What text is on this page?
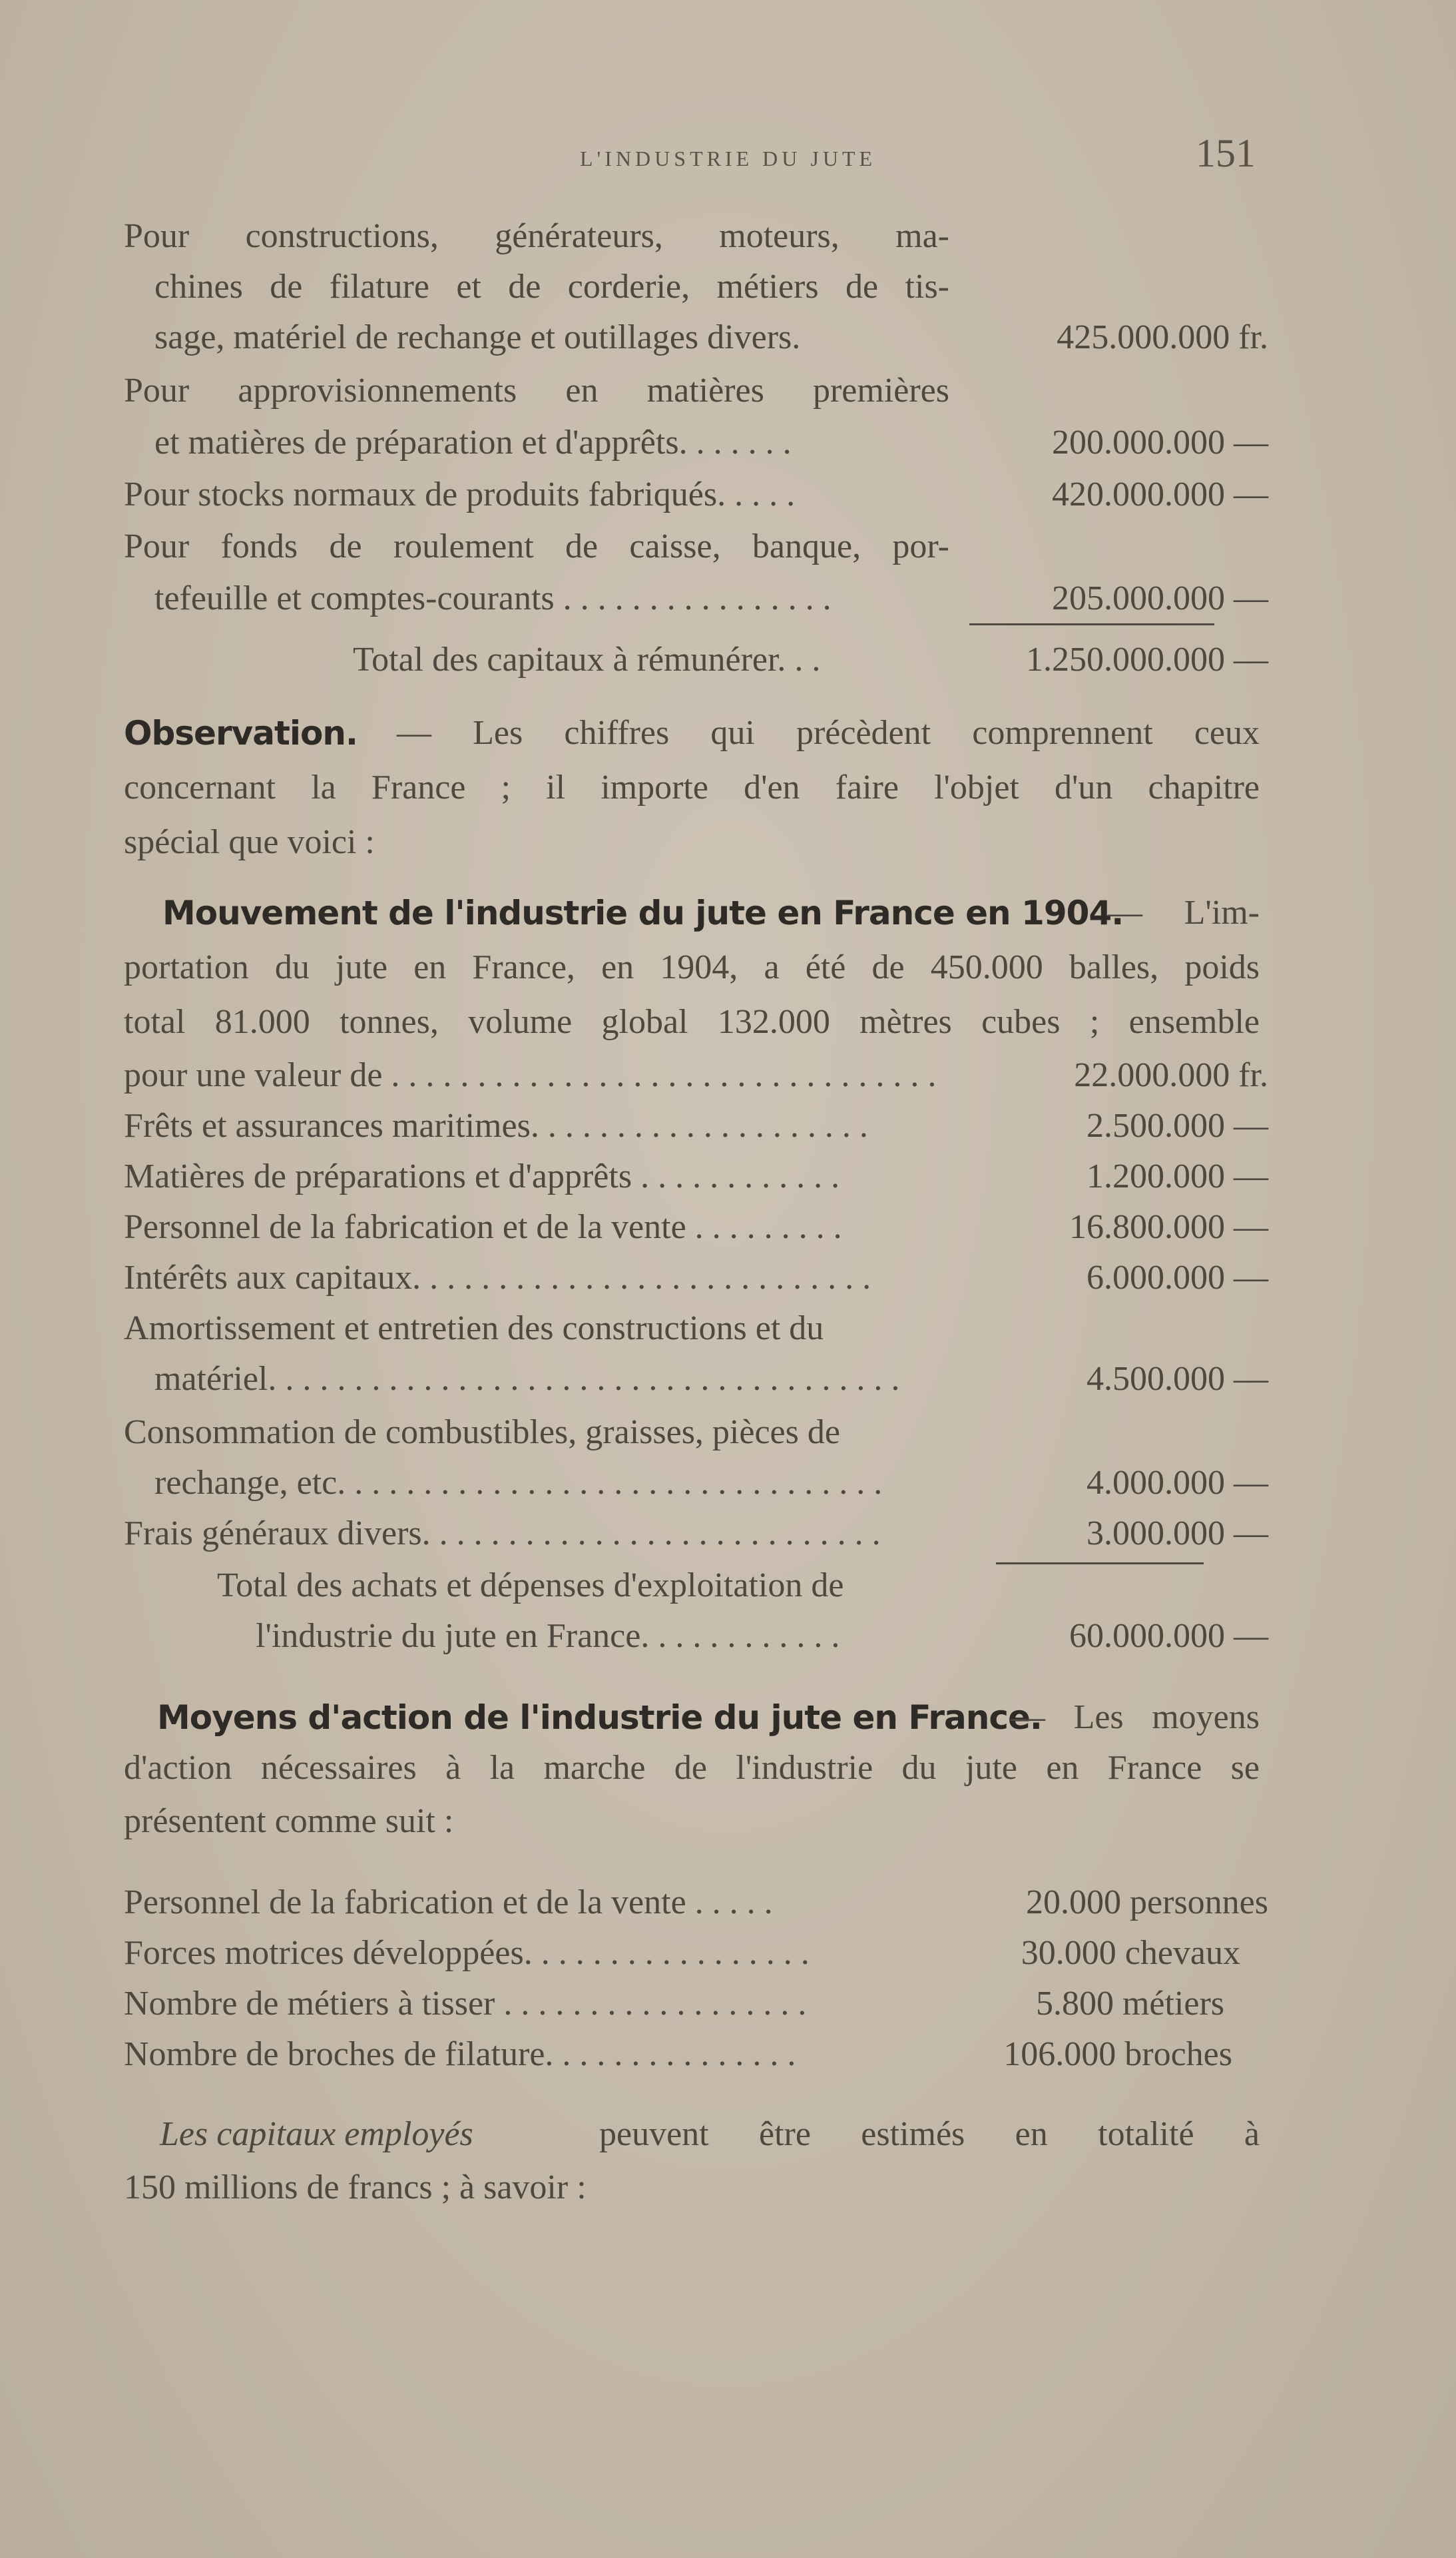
L'INDUSTRIE DU JUTE	151
Pour constructions, générateurs, moteurs, ma-
chines de filature et de corderie, métiers de tis-
sage, matériel de rechange et outillages divers.	425.000.000 fr.
Pour approvisionnements en matières premières
et matières de préparation et d'apprêts. . . . . . .	200.000.000 —
Pour stocks normaux de produits fabriqués. . . . .	420.000.000 —
Pour fonds de roulement de caisse, banque, por-
tefeuille et comptes-courants . . . . . . . . . . . . . . . .	205.000.000 —
Total des capitaux à rémunérer. . .	1.250.000.000 —
Observation. — Les chiffres qui précèdent comprennent ceux
concernant la France ; il importe d'en faire l'objet d'un chapitre
spécial que voici :
Mouvement de l'industrie du jute en France en 1904.
— L'im-
portation du jute en France, en 1904, a été de 450.000 balles, poids
total 81.000 tonnes, volume global 132.000 mètres cubes ; ensemble
pour une valeur de . . . . . . . . . . . . . . . . . . . . . . . . . . . . . . . .	22.000.000 fr.
Frêts et assurances maritimes. . . . . . . . . . . . . . . . . . . .	2.500.000 —
Matières de préparations et d'apprêts . . . . . . . . . . . .	1.200.000 —
Personnel de la fabrication et de la vente . . . . . . . . .	16.800.000 —
Intérêts aux capitaux. . . . . . . . . . . . . . . . . . . . . . . . . . .	6.000.000 —
Amortissement et entretien des constructions et du
matériel. . . . . . . . . . . . . . . . . . . . . . . . . . . . . . . . . . . . .	4.500.000 —
Consommation de combustibles, graisses, pièces de
rechange, etc. . . . . . . . . . . . . . . . . . . . . . . . . . . . . . . .	4.000.000 —
Frais généraux divers. . . . . . . . . . . . . . . . . . . . . . . . . . .	3.000.000 —
Total des achats et dépenses d'exploitation de
l'industrie du jute en France. . . . . . . . . . . .	60.000.000 —
Moyens d'action de l'industrie du jute en France.
— Les moyens
d'action nécessaires à la marche de l'industrie du jute en France se
présentent comme suit :
Personnel de la fabrication et de la vente . . . . .	20.000 personnes
Forces motrices développées. . . . . . . . . . . . . . . . .	30.000 chevaux
Nombre de métiers à tisser . . . . . . . . . . . . . . . . . .	5.800 métiers
Nombre de broches de filature. . . . . . . . . . . . . . .	106.000 broches
Les capitaux employés	peuvent être estimés en totalité à
150 millions de francs ; à savoir :
